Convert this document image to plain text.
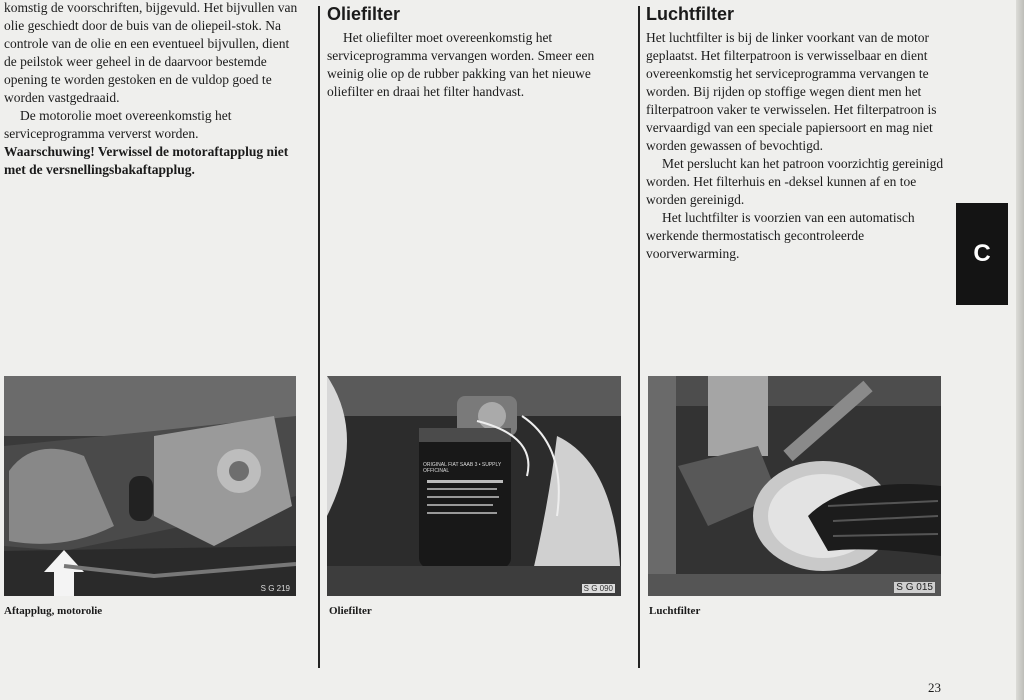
komstig de voorschriften, bijgevuld. Het bijvullen van olie geschiedt door de buis van de oliepeil-stok. Na controle van de olie en een eventueel bijvullen, dient de peilstok weer geheel in de daarvoor bestemde opening te worden gestoken en de vuldop goed te worden vastgedraaid.

De motorolie moet overeenkomstig het serviceprogramma ververst worden.

Waarschuwing! Verwissel de motoraftapplug niet met de versnellingsbakaftapplug.

Oliefilter

Het oliefilter moet overeenkomstig het serviceprogramma vervangen worden. Smeer een weinig olie op de rubber pakking van het nieuwe oliefilter en draai het filter handvast.

Luchtfilter

Het luchtfilter is bij de linker voorkant van de motor geplaatst. Het filterpatroon is verwisselbaar en dient overeenkomstig het serviceprogramma vervangen te worden. Bij rijden op stoffige wegen dient men het filterpatroon vaker te verwisselen. Het filterpatroon is vervaardigd van een speciale papiersoort en mag niet worden gewassen of bevochtigd.

Met perslucht kan het patroon voorzichtig gereinigd worden. Het filterhuis en -deksel kunnen af en toe worden gereinigd.

Het luchtfilter is voorzien van een automatisch werkende thermostatisch gecontroleerde voorverwarming.

S G 219
ORIGINAL FIAT SAAB 3 • SUPPLY OFFICINAL
S G 090	S G 015
Aftapplug, motorolie	Oliefilter	Luchtfilter
C
23
